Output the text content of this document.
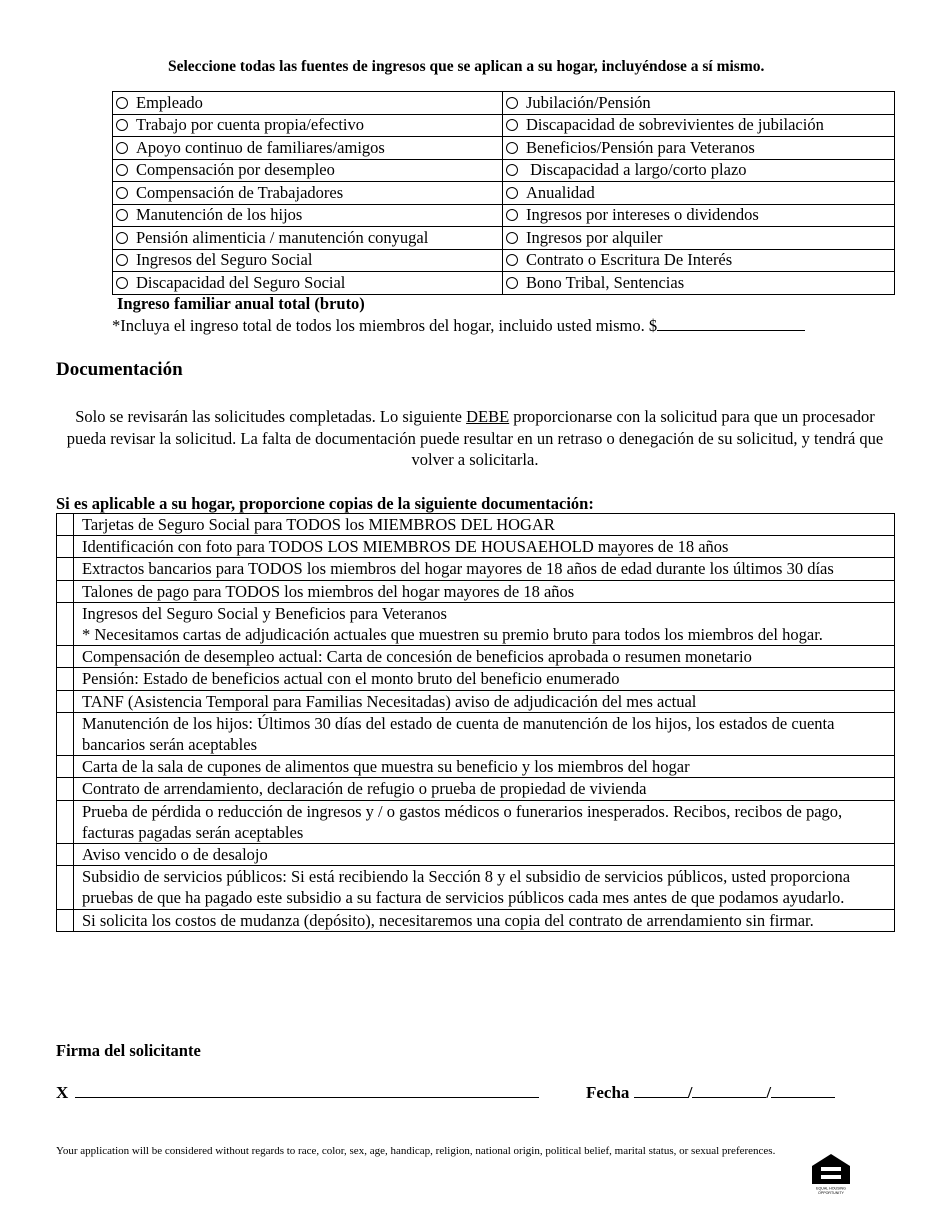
Seleccione todas las fuentes de ingresos que se aplican a su hogar, incluyéndose a sí mismo.
Empleado	Jubilación/Pensión
Trabajo por cuenta propia/efectivo	Discapacidad de sobrevivientes de jubilación
Apoyo continuo de familiares/amigos	Beneficios/Pensión para Veteranos
Compensación por desempleo	Discapacidad a largo/corto plazo
Compensación de Trabajadores	Anualidad
Manutención de los hijos	Ingresos por intereses o dividendos
Pensión alimenticia / manutención conyugal	Ingresos por alquiler
Ingresos del Seguro Social	Contrato o Escritura De Interés
Discapacidad del Seguro Social	Bono Tribal, Sentencias
Ingreso familiar anual total (bruto)
*Incluya el ingreso total de todos los miembros del hogar, incluido usted mismo. $
Documentación
Solo se revisarán las solicitudes completadas. Lo siguiente DEBE proporcionarse con la solicitud para que un procesador pueda revisar la solicitud. La falta de documentación puede resultar en un retraso o denegación de su solicitud, y tendrá que volver a solicitarla.
Si es aplicable a su hogar, proporcione copias de la siguiente documentación:
	Tarjetas de Seguro Social para TODOS los MIEMBROS DEL HOGAR
	Identificación con foto para TODOS LOS MIEMBROS DE HOUSAEHOLD mayores de 18 años
	Extractos bancarios para TODOS los miembros del hogar mayores de 18 años de edad durante los últimos 30 días
	Talones de pago para TODOS los miembros del hogar mayores de 18 años
	Ingresos del Seguro Social y Beneficios para Veteranos
* Necesitamos cartas de adjudicación actuales que muestren su premio bruto para todos los miembros del hogar.
	Compensación de desempleo actual: Carta de concesión de beneficios aprobada o resumen monetario
	Pensión: Estado de beneficios actual con el monto bruto del beneficio enumerado
	TANF (Asistencia Temporal para Familias Necesitadas) aviso de adjudicación del mes actual
	Manutención de los hijos: Últimos 30 días del estado de cuenta de manutención de los hijos, los estados de cuenta bancarios serán aceptables
	Carta de la sala de cupones de alimentos que muestra su beneficio y los miembros del hogar
	Contrato de arrendamiento, declaración de refugio o prueba de propiedad de vivienda
	Prueba de pérdida o reducción de ingresos y / o gastos médicos o funerarios inesperados. Recibos, recibos de pago, facturas pagadas serán aceptables
	Aviso vencido o de desalojo
	Subsidio de servicios públicos: Si está recibiendo la Sección 8 y el subsidio de servicios públicos, usted proporciona pruebas de que ha pagado este subsidio a su factura de servicios públicos cada mes antes de que podamos ayudarlo.
	Si solicita los costos de mudanza (depósito), necesitaremos una copia del contrato de arrendamiento sin firmar.
Firma del solicitante
X	Fecha	/	/
Your application will be considered without regards to race, color, sex, age, handicap, religion, national origin, political belief, marital status, or sexual preferences.
EQUAL HOUSING
OPPORTUNITY
